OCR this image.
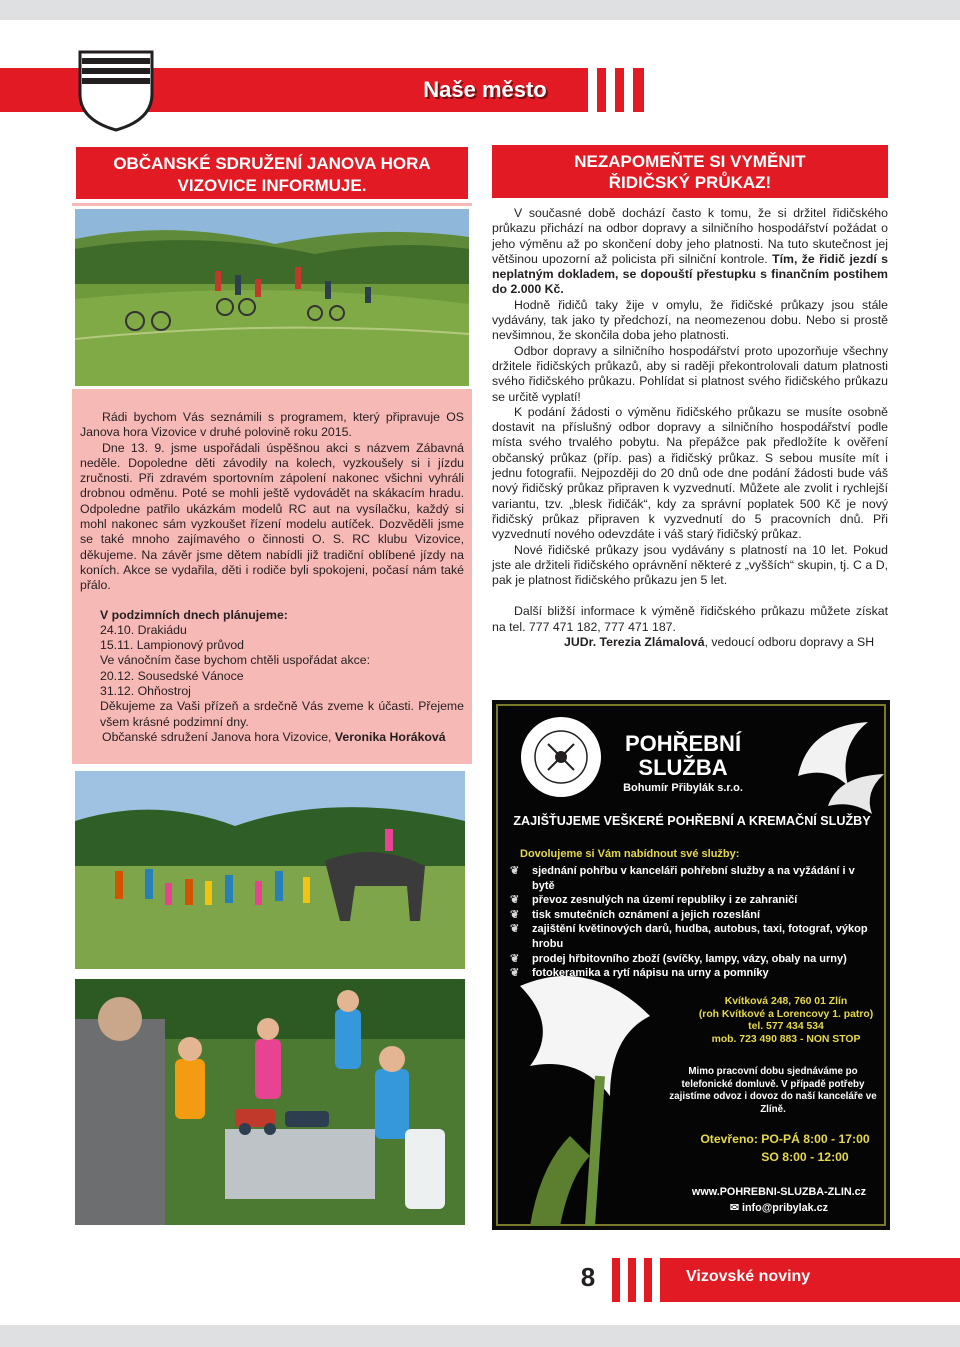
Naše město
OBČANSKÉ SDRUŽENÍ JANOVA HORA
VIZOVICE INFORMUJE.

Rádi bychom Vás seznámili s programem, který připravuje OS Janova hora Vizovice v druhé polovině roku 2015.

Dne 13. 9. jsme uspořádali úspěšnou akci s názvem Zábavná neděle. Dopoledne děti závodily na kolech, vyzkoušely si i jízdu zručnosti. Při zdravém sportovním zápolení nakonec všichni vyhráli drobnou odměnu. Poté se mohli ještě vydovádět na skákacím hradu. Odpoledne patřilo ukázkám modelů RC aut na vysílačku, každý si mohl nakonec sám vyzkoušet řízení modelu autíček. Dozvěděli jsme se také mnoho zajímavého o činnosti O. S. RC klubu Vizovice, děkujeme. Na závěr jsme dětem nabídli již tradiční oblíbené jízdy na koních. Akce se vydařila, děti i rodiče byli spokojeni, počasí nám také přálo.

V podzimních dnech plánujeme:
24.10. Drakiádu
15.11. Lampionový průvod
Ve vánočním čase bychom chtěli uspořádat akce:
20.12. Sousedské Vánoce
31.12. Ohňostroj
Děkujeme za Vaši přízeň a srdečně Vás zveme k účasti. Přejeme všem krásné podzimní dny.
Občanské sdružení Janova hora Vizovice, Veronika Horáková
NEZAPOMEŇTE SI VYMĚNIT
ŘIDIČSKÝ PRŮKAZ!

V současné době dochází často k tomu, že si držitel řidičského průkazu přichází na odbor dopravy a silničního hospodářství požádat o jeho výměnu až po skončení doby jeho platnosti. Na tuto skutečnost jej většinou upozorní až policista při silniční kontrole. Tím, že řidič jezdí s neplatným dokladem, se dopouští přestupku s finančním postihem do 2.000 Kč.

Hodně řidičů taky žije v omylu, že řidičské průkazy jsou stále vydávány, tak jako ty předchozí, na neomezenou dobu. Nebo si prostě nevšimnou, že skončila doba jeho platnosti.

Odbor dopravy a silničního hospodářství proto upozorňuje všechny držitele řidičských průkazů, aby si raději překontrolovali datum platnosti svého řidičského průkazu. Pohlídat si platnost svého řidičského průkazu se určitě vyplatí!

K podání žádosti o výměnu řidičského průkazu se musíte osobně dostavit na příslušný odbor dopravy a silničního hospodářství podle místa svého trvalého pobytu. Na přepážce pak předložíte k ověření občanský průkaz (příp. pas) a řidičský průkaz. S sebou musíte mít i jednu fotografii. Nejpozději do 20 dnů ode dne podání žádosti bude váš nový řidičský průkaz připraven k vyzvednutí. Můžete ale zvolit i rychlejší variantu, tzv. „blesk řidičák“, kdy za správní poplatek 500 Kč je nový řidičský průkaz připraven k vyzvednutí do 5 pracovních dnů. Při vyzvednutí nového odevzdáte i váš starý řidičský průkaz.

Nové řidičské průkazy jsou vydávány s platností na 10 let. Pokud jste ale držiteli řidičského oprávnění některé z „vyšších“ skupin, tj. C a D, pak je platnost řidičského průkazu jen 5 let.

Další bližší informace k výměně řidičského průkazu můžete získat na tel. 777 471 182, 777 471 187.

JUDr. Terezia Zlámalová, vedoucí odboru dopravy a SH

POHŘEBNÍ
SLUŽBA
Bohumír Přibylák s.r.o.
ZAJIŠŤUJEME VEŠKERÉ POHŘEBNÍ A KREMAČNÍ SLUŽBY
Dovolujeme si Vám nabídnout své služby:
❦ sjednání pohřbu v kanceláři pohřební služby a na vyžádání i v bytě
❦ převoz zesnulých na území republiky i ze zahraničí
❦ tisk smutečních oznámení a jejich rozeslání
❦ zajištění květinových darů, hudba, autobus, taxi, fotograf, výkop hrobu
❦ prodej hřbitovního zboží (svíčky, lampy, vázy, obaly na urny)
❦ fotokeramika a rytí nápisu na urny a pomníky
Kvítková 248, 760 01 Zlín
(roh Kvítkové a Lorencovy 1. patro)
tel. 577 434 534
mob. 723 490 883 - NON STOP
Mimo pracovní dobu sjednáváme po telefonické domluvě. V případě potřeby zajistíme odvoz i dovoz do naší kanceláře ve Zlíně.
Otevřeno: PO-PÁ 8:00 - 17:00
SO 8:00 - 12:00
www.POHREBNI-SLUZBA-ZLIN.cz
✉ info@pribylak.cz
8	Vizovské noviny
